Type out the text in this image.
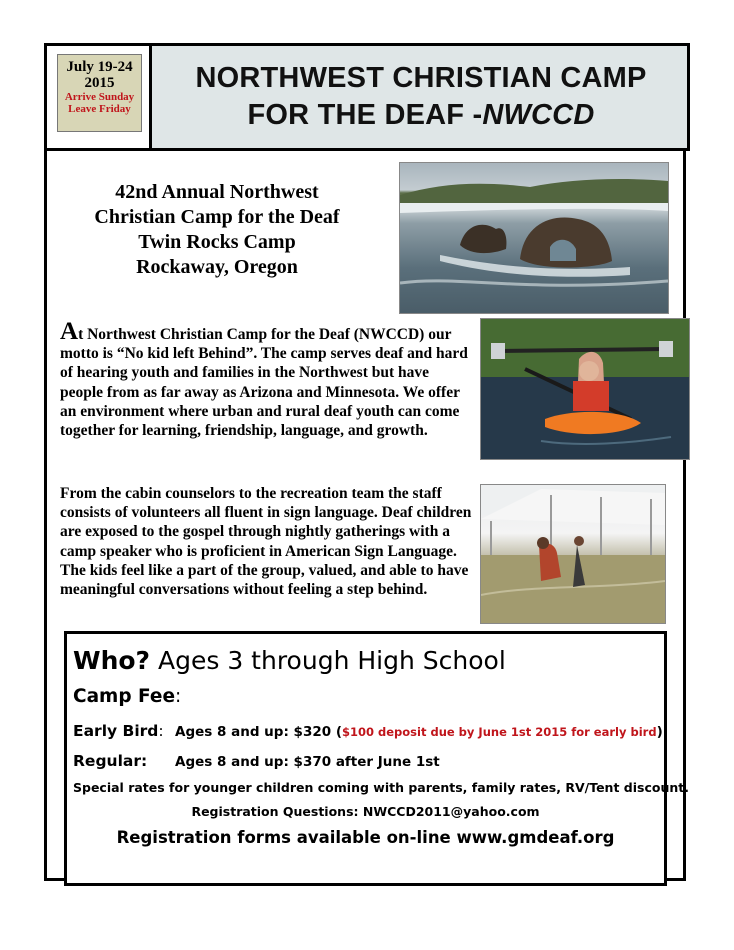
July 19-24
2015
Arrive Sunday
Leave Friday
NORTHWEST CHRISTIAN CAMP
FOR THE DEAF -NWCCD
42nd Annual Northwest
Christian Camp for the Deaf
Twin Rocks Camp
Rockaway, Oregon
At Northwest Christian Camp for the Deaf (NWCCD) our motto is “No kid left Behind”. The camp serves deaf and hard of hearing youth and families in the Northwest but have people from as far away as Arizona and Minnesota. We offer an environment where urban and rural deaf youth can come together for learning, friendship, language, and growth.
From the cabin counselors to the recreation team the staff consists of volunteers all fluent in sign language. Deaf children are exposed to the gospel through nightly gatherings with a camp speaker who is proficient in American Sign Language. The kids feel like a part of the group, valued, and able to have meaningful conversations without feeling a step behind.
Who? Ages 3 through High School
Camp Fee:
Early Bird: Ages 8 and up: $320 ($100 deposit due by June 1st 2015 for early bird)
Regular: Ages 8 and up: $370 after June 1st
Special rates for younger children coming with parents, family rates, RV/Tent discount.
Registration Questions: NWCCD2011@yahoo.com
Registration forms available on-line www.gmdeaf.org
